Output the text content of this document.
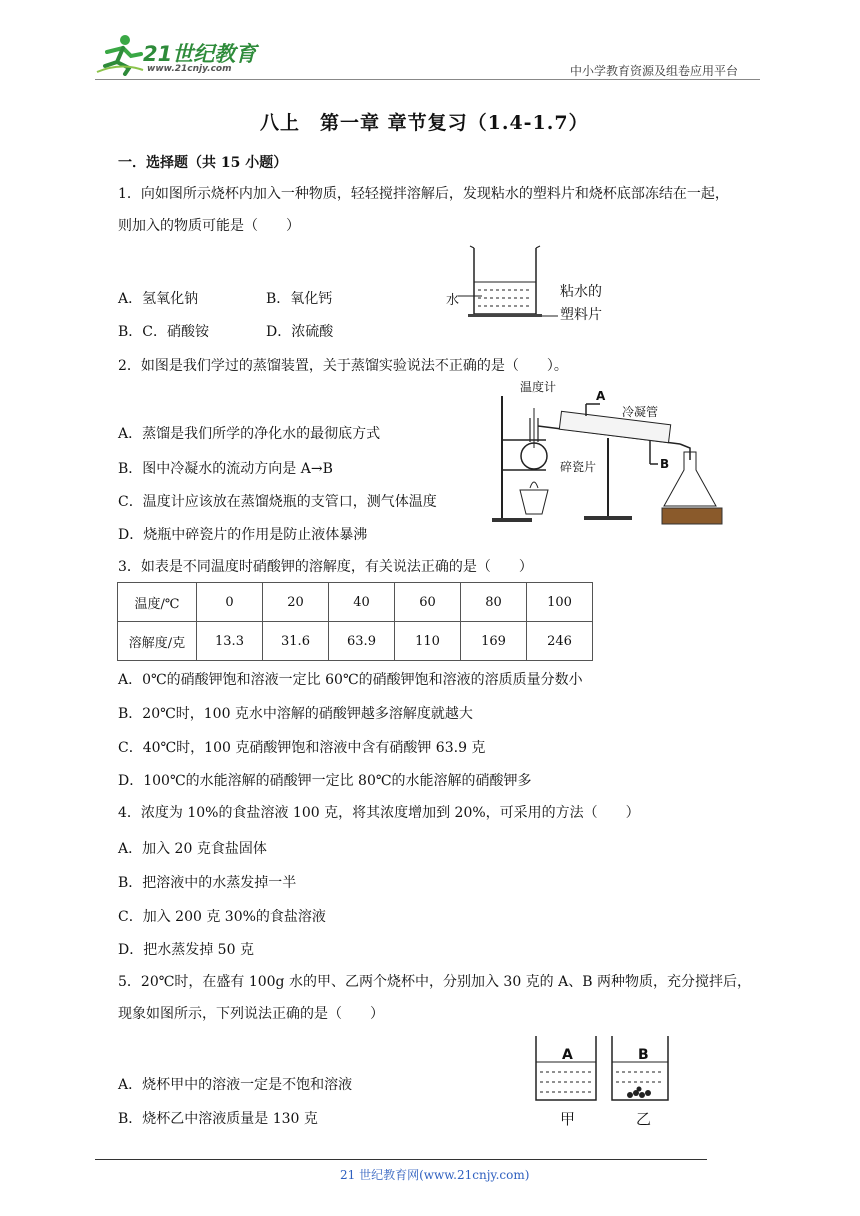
21世纪教育
www.21cnjy.com	中小学教育资源及组卷应用平台
八上　第一章 章节复习（1.4-1.7）
一．选择题（共 15 小题）
1．向如图所示烧杯内加入一种物质，轻轻搅拌溶解后，发现粘水的塑料片和烧杯底部冻结在一起，
则加入的物质可能是（　　）
A．氢氧化钠	B．氧化钙
B．C．硝酸铵	D．浓硫酸
水
粘水的
塑料片
2．如图是我们学过的蒸馏装置，关于蒸馏实验说法不正确的是（　　）。
A．蒸馏是我们所学的净化水的最彻底方式
B．图中冷凝水的流动方向是 A→B
C．温度计应该放在蒸馏烧瓶的支管口，测气体温度
D．烧瓶中碎瓷片的作用是防止液体暴沸
温度计
A
冷凝管
碎瓷片	B
3．如表是不同温度时硝酸钾的溶解度，有关说法正确的是（　　）
温度/℃	0	20	40	60	80	100
溶解度/克	13.3	31.6	63.9	110	169	246
A．0℃的硝酸钾饱和溶液一定比 60℃的硝酸钾饱和溶液的溶质质量分数小
B．20℃时，100 克水中溶解的硝酸钾越多溶解度就越大
C．40℃时，100 克硝酸钾饱和溶液中含有硝酸钾 63.9 克
D．100℃的水能溶解的硝酸钾一定比 80℃的水能溶解的硝酸钾多
4．浓度为 10%的食盐溶液 100 克，将其浓度增加到 20%，可采用的方法（　　）
A．加入 20 克食盐固体
B．把溶液中的水蒸发掉一半
C．加入 200 克 30%的食盐溶液
D．把水蒸发掉 50 克
5．20℃时，在盛有 100g 水的甲、乙两个烧杯中，分别加入 30 克的 A、B 两种物质，充分搅拌后，
现象如图所示，下列说法正确的是（　　）
A．烧杯甲中的溶液一定是不饱和溶液
B．烧杯乙中溶液质量是 130 克
A	B
甲	乙
21 世纪教育网(www.21cnjy.com)
